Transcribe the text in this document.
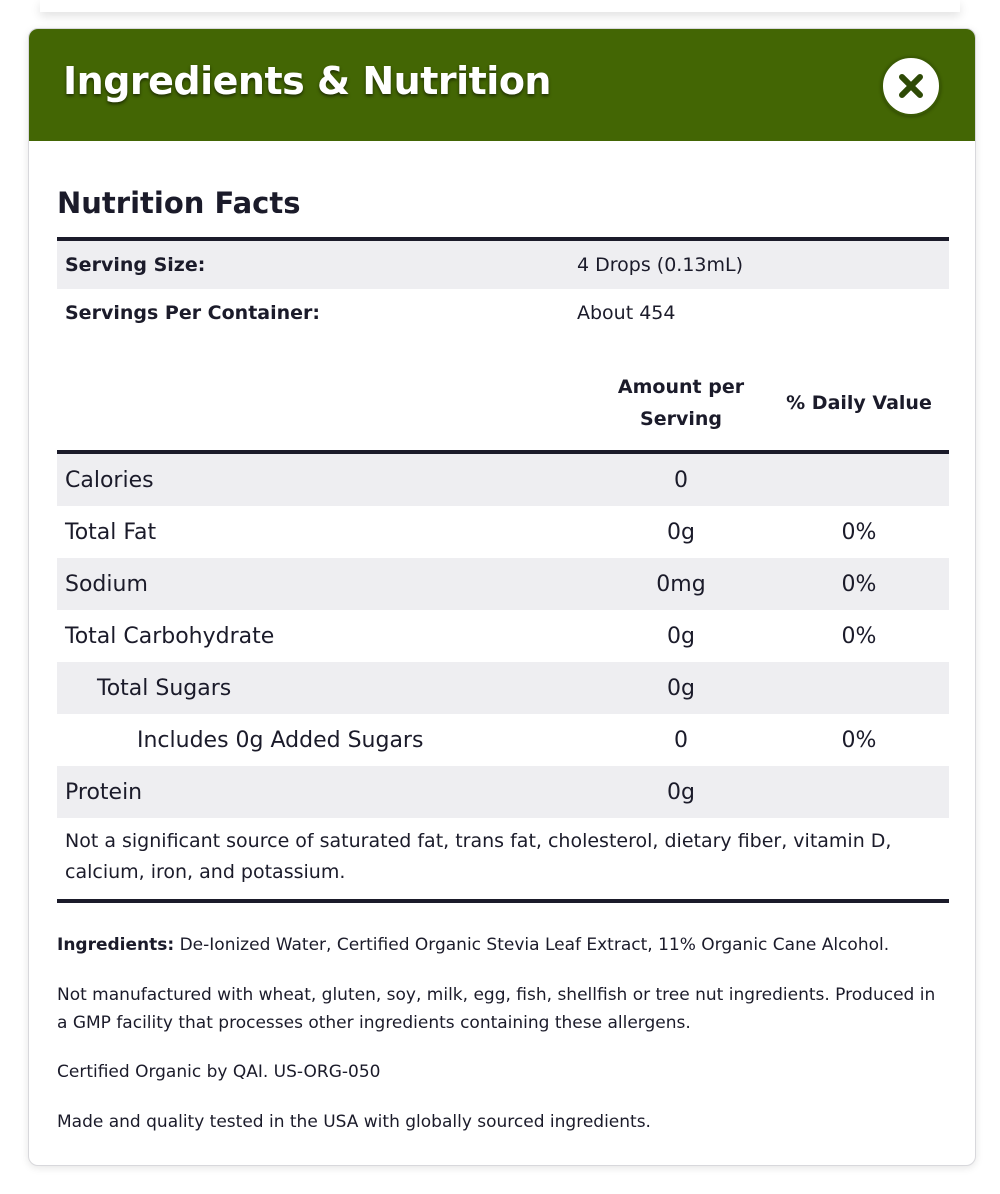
Ingredients & Nutrition
Nutrition Facts
Serving Size:	4 Drops (0.13mL)
Servings Per Container:	About 454
Amount per Serving
% Daily Value
Calories	0
Total Fat	0g	0%
Sodium	0mg	0%
Total Carbohydrate	0g	0%
Total Sugars	0g
Includes 0g Added Sugars	0	0%
Protein	0g
Not a significant source of saturated fat, trans fat, cholesterol, dietary fiber, vitamin D, calcium, iron, and potassium.

Ingredients: De-Ionized Water, Certified Organic Stevia Leaf Extract, 11% Organic Cane Alcohol.

Not manufactured with wheat, gluten, soy, milk, egg, fish, shellfish or tree nut ingredients. Produced in a GMP facility that processes other ingredients containing these allergens.

Certified Organic by QAI. US-ORG-050

Made and quality tested in the USA with globally sourced ingredients.
